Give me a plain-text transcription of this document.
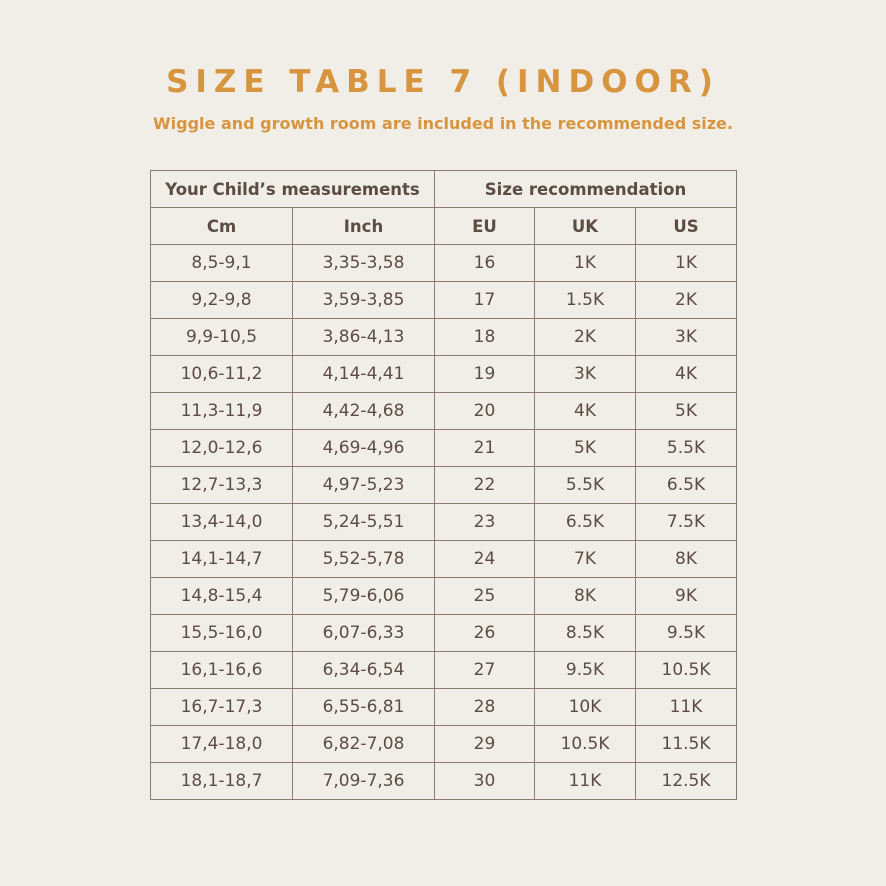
SIZE TABLE 7 (INDOOR)
Wiggle and growth room are included in the recommended size.
Your Child’s measurements		Size recommendation		
Cm	Inch	EU	UK	US
8,5-9,1	3,35-3,58	16	1K	1K
9,2-9,8	3,59-3,85	17	1.5K	2K
9,9-10,5	3,86-4,13	18	2K	3K
10,6-11,2	4,14-4,41	19	3K	4K
11,3-11,9	4,42-4,68	20	4K	5K
12,0-12,6	4,69-4,96	21	5K	5.5K
12,7-13,3	4,97-5,23	22	5.5K	6.5K
13,4-14,0	5,24-5,51	23	6.5K	7.5K
14,1-14,7	5,52-5,78	24	7K	8K
14,8-15,4	5,79-6,06	25	8K	9K
15,5-16,0	6,07-6,33	26	8.5K	9.5K
16,1-16,6	6,34-6,54	27	9.5K	10.5K
16,7-17,3	6,55-6,81	28	10K	11K
17,4-18,0	6,82-7,08	29	10.5K	11.5K
18,1-18,7	7,09-7,36	30	11K	12.5K
